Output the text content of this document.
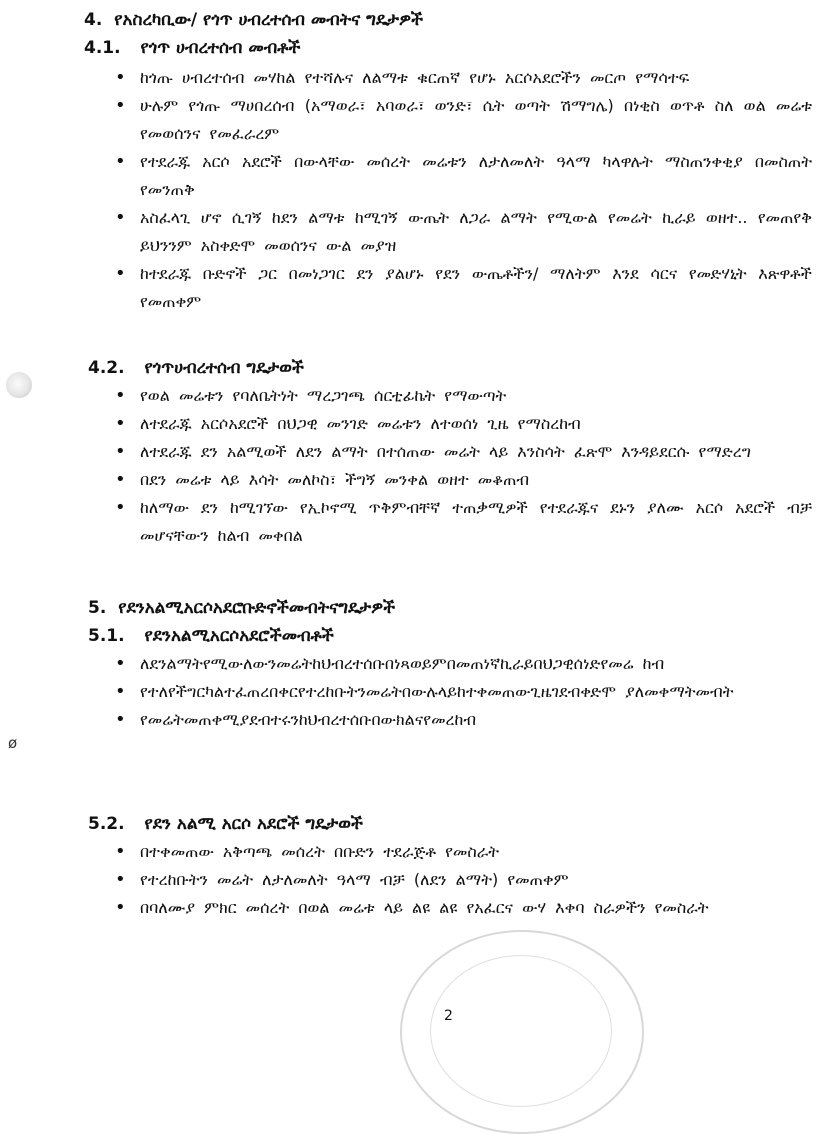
4. የአስረካቢው/ የጎጥ ሀብረተሰብ መብትና ግዴታዎች
4.1. የጎጥ ሀብረተሰብ መብቶች
• ከጎጡ ሀብረተሰብ መሃከል የተሻሉና ለልማቱ ቁርጠኛ የሆኑ አርሶአደሮችን መርጦ የማሳተፍ
• ሁሉም የጎጡ ማሀበረሰብ (አማወራ፣ አባወራ፣ ወንድ፣ ሴት ወጣት ሽማግሌ) በነቂስ ወጥቶ ስለ ወል መሬቱ የመወሰንና የመፈራረም
• የተደራጁ አርሶ አደሮች በውላቸው መሰረት መሬቱን ለታለመለት ዓላማ ካላዋሉት ማስጠንቀቂያ በመስጠት የመንጠቅ
• አስፈላጊ ሆኖ ሲገኝ ከደን ልማቱ ከሚገኝ ውጤት ለጋራ ልማት የሚውል የመሬት ኪራይ ወዘተ.. የመጠየቅ ይህንንም አስቀድሞ መወሰንና ውል መያዝ
• ከተደራጁ ቡድኖች ጋር በመነጋገር ደን ያልሆኑ የደን ውጤቶችን/ ማለትም እንደ ሳርና የመድሃኒት እጽዋቶች የመጠቀም
4.2. የጎጥሀብረተሰብ ግዴታወች
• የወል መሬቱን የባለቤትነት ማረጋገጫ ሰርቲፊኬት የማውጣት
• ለተደራጁ አርሶአደሮች በህጋዊ መንገድ መሬቱን ለተወሰነ ጊዜ የማስረከብ
• ለተደራጁ ደን አልሚወች ለደን ልማት በተሰጠው መሬት ላይ እንስሳት ፈጽሞ እንዳይደርሱ የማድረግ
• በደን መሬቱ ላይ እሳት መለኮስ፣ ችግኝ መንቀል ወዘተ መቆጠብ
• ከለማው ደን ከሚገኘው የኢኮኖሚ ጥቅምብቸኛ ተጠቃሚዎች የተደራጁና ደኑን ያለሙ አርሶ አደሮች ብቻ መሆናቸውን ከልብ መቀበል
5. የደንአልሚአርሶአደሮቡድኖችመብትናግዴታዎች
5.1. የደንአልሚአርሶአደሮችመብቶች
• ለደንልማትየሚውለውንመሬትከህብረተሰቡበነጻወይምበመጠነኛኪራይበህጋዊሰነድየመሬ ከብ
• የተለየችግርካልተፈጠረበቀርየተረከቡትንመሬትበውሉላይከተቀመጠውጊዜገደብቀድሞ ያለመቀማትመብት
• የመሬትመጠቀሚያደብተሩንከህብረተሰቡበውክልናየመረከብ
5.2. የደን አልሚ አርሶ አደሮች ግዴታወች
• በተቀመጠው አቅጣጫ መሰረት በቡድን ተደራጅቶ የመስራት
• የተረከቡትን መሬት ለታለመለት ዓላማ ብቻ (ለደን ልማት) የመጠቀም
• በባለሙያ ምክር መሰረት በወል መሬቱ ላይ ልዩ ልዩ የአፈርና ውሃ እቀባ ስራዎችን የመስራት
ø
2
